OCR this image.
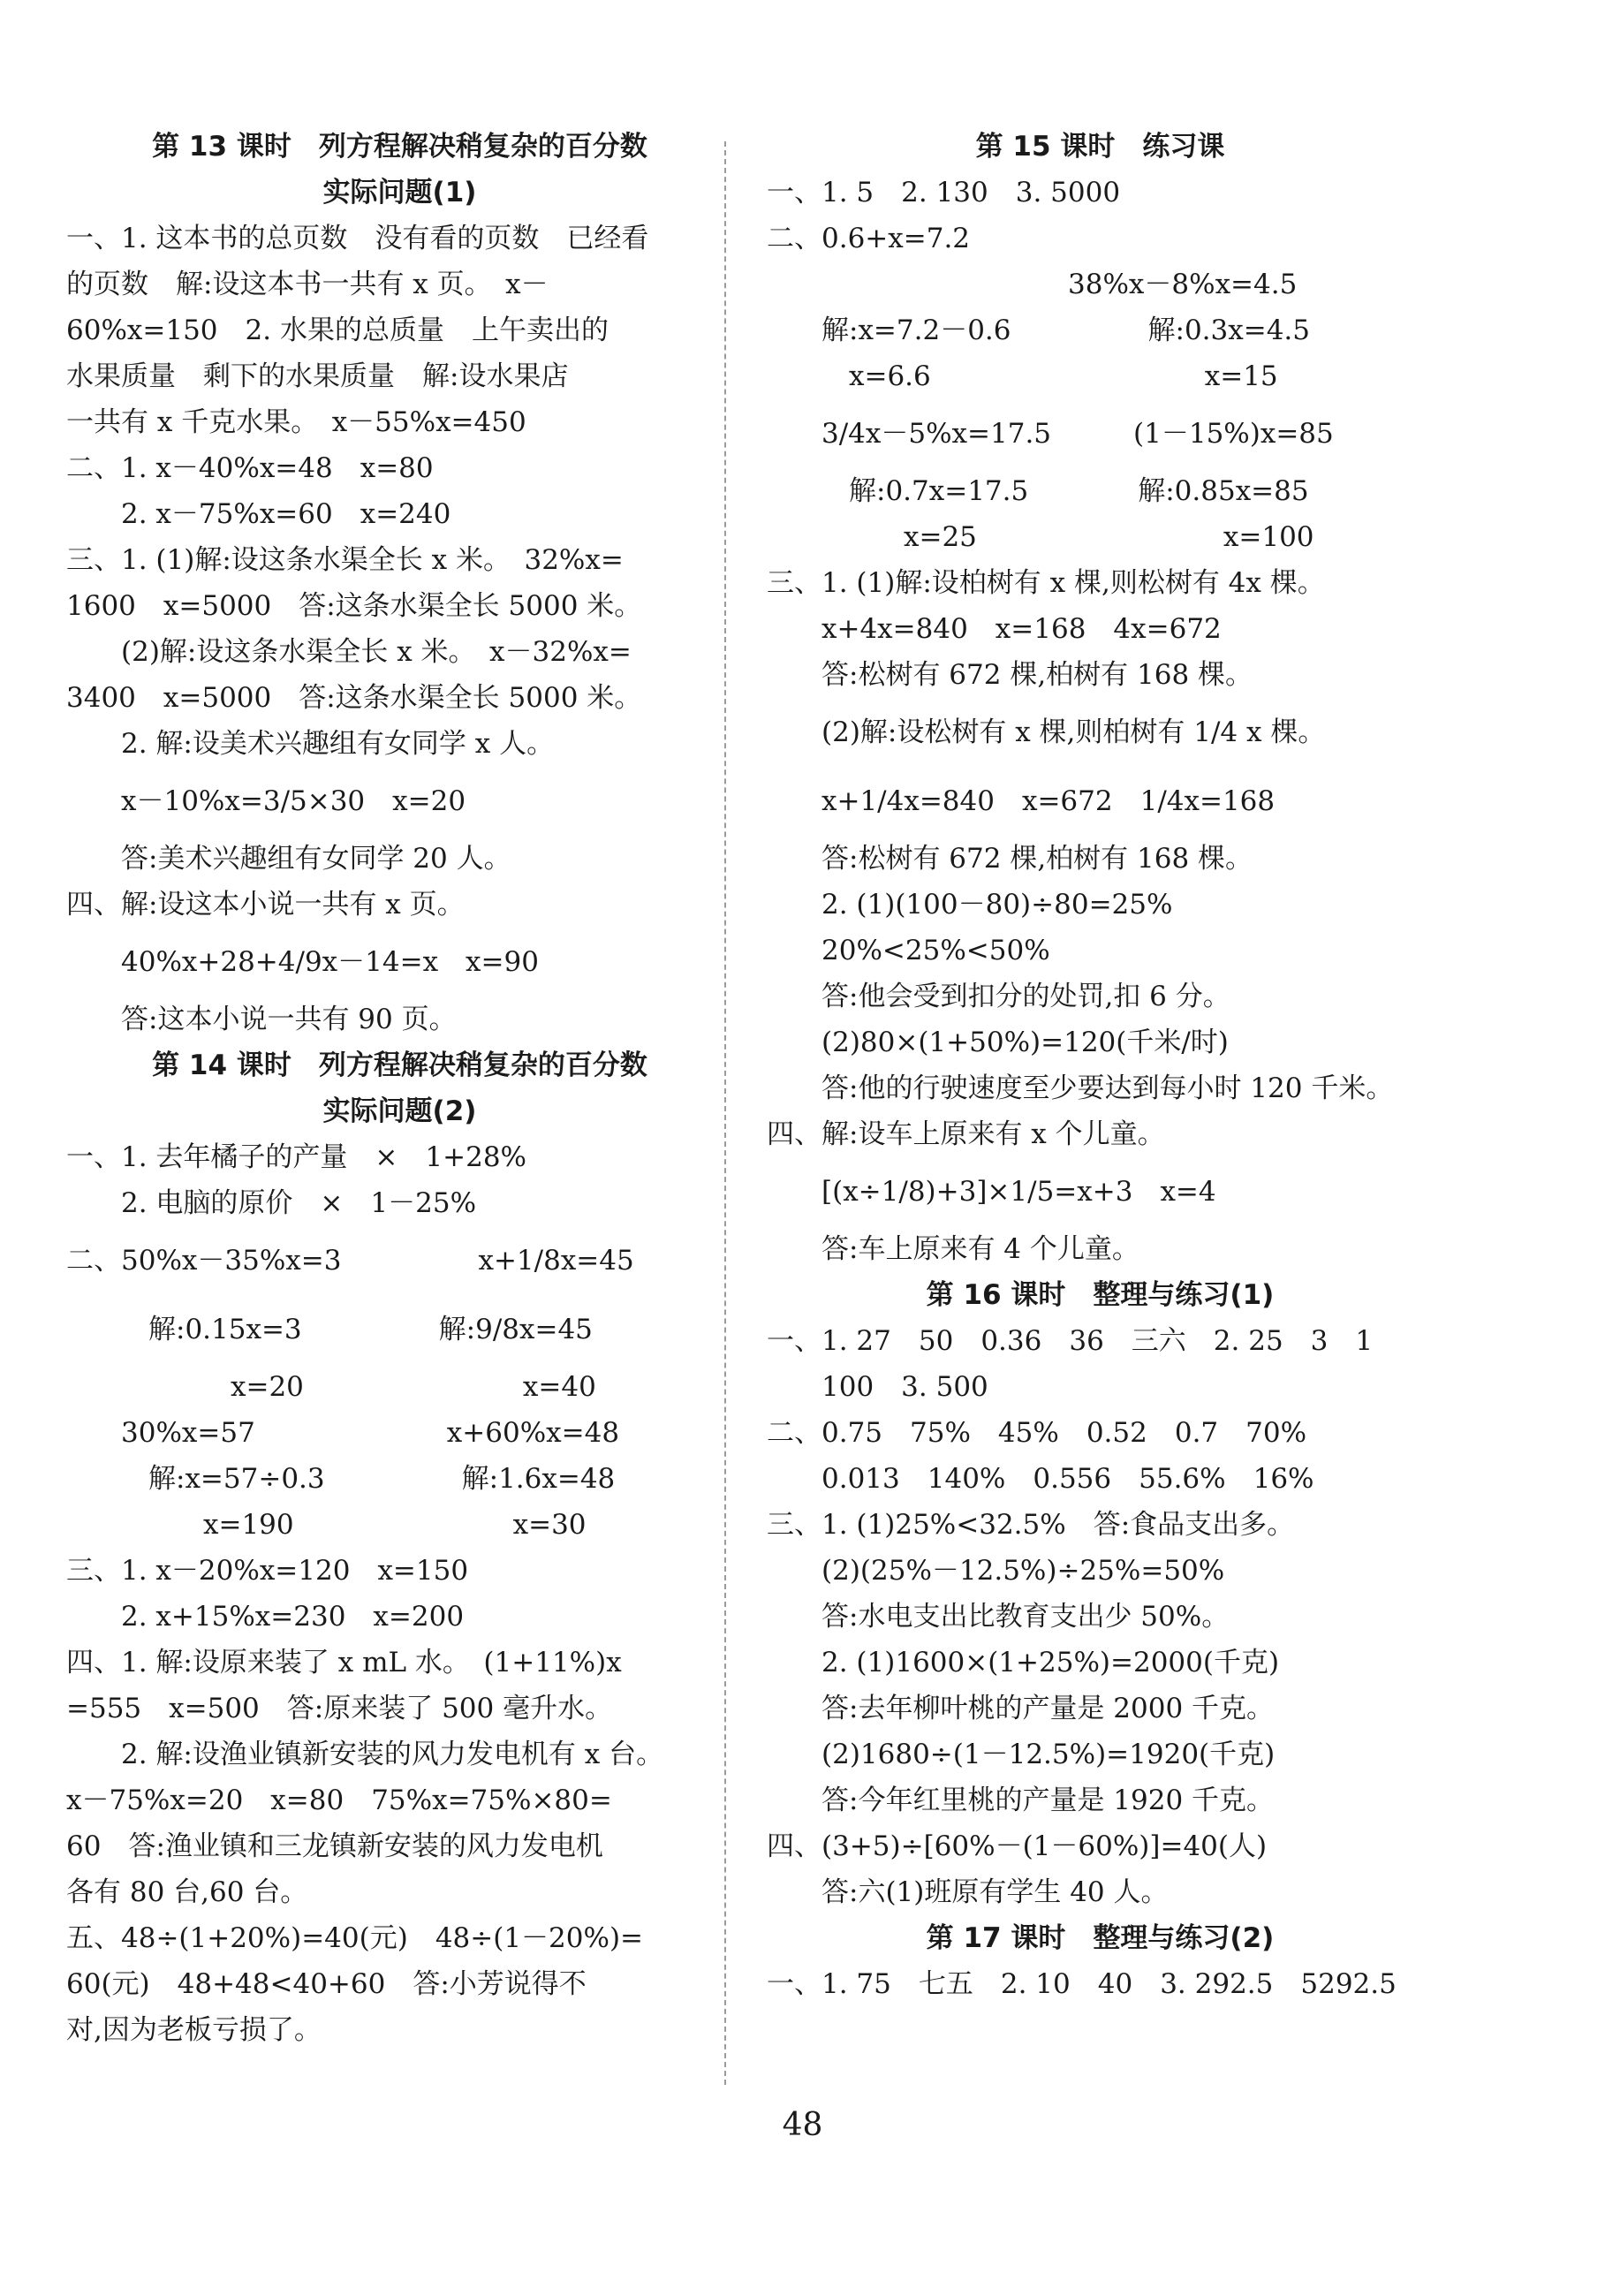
第 13 课时　列方程解决稍复杂的百分数
实际问题(1)
一、1. 这本书的总页数　没有看的页数　已经看
的页数　解:设这本书一共有 x 页。　x－
60%x=150　2. 水果的总质量　上午卖出的
水果质量　剩下的水果质量　解:设水果店
一共有 x 千克水果。　x－55%x=450
二、1. x－40%x=48　x=80
　　2. x－75%x=60　x=240
三、1. (1)解:设这条水渠全长 x 米。　32%x=
1600　x=5000　答:这条水渠全长 5000 米。
　　(2)解:设这条水渠全长 x 米。　x－32%x=
3400　x=5000　答:这条水渠全长 5000 米。
　　2. 解:设美术兴趣组有女同学 x 人。
　　x－10%x=3/5×30　x=20
　　答:美术兴趣组有女同学 20 人。
四、解:设这本小说一共有 x 页。
　　40%x+28+4/9x－14=x　x=90
　　答:这本小说一共有 90 页。
第 14 课时　列方程解决稍复杂的百分数
实际问题(2)
一、1. 去年橘子的产量　×　1+28%
　　2. 电脑的原价　×　1－25%
二、50%x－35%x=3　　　　　x+1/8x=45
　　　解:0.15x=3　　　　　解:9/8x=45
　　　　　　x=20　　　　　　　　x=40
　　30%x=57　　　　　　　x+60%x=48
　　　解:x=57÷0.3　　　　　解:1.6x=48
　　　　　x=190　　　　　　　　x=30
三、1. x－20%x=120　x=150
　　2. x+15%x=230　x=200
四、1. 解:设原来装了 x mL 水。　(1+11%)x
=555　x=500　答:原来装了 500 毫升水。
　　2. 解:设渔业镇新安装的风力发电机有 x 台。
x－75%x=20　x=80　75%x=75%×80=
60　答:渔业镇和三龙镇新安装的风力发电机
各有 80 台,60 台。
五、48÷(1+20%)=40(元)　48÷(1－20%)=
60(元)　48+48<40+60　答:小芳说得不
对,因为老板亏损了。
第 15 课时　练习课
一、1. 5　2. 130　3. 5000
二、0.6+x=7.2
　　　　　　　　　　　38%x－8%x=4.5
　　解:x=7.2－0.6　　　　　解:0.3x=4.5
　　　x=6.6　　　　　　　　　　x=15
　　3/4x－5%x=17.5　　　(1－15%)x=85
　　　解:0.7x=17.5　　　　解:0.85x=85
　　　　　x=25　　　　　　　　　x=100
三、1. (1)解:设柏树有 x 棵,则松树有 4x 棵。
　　x+4x=840　x=168　4x=672
　　答:松树有 672 棵,柏树有 168 棵。
　　(2)解:设松树有 x 棵,则柏树有 1/4 x 棵。
　　x+1/4x=840　x=672　1/4x=168
　　答:松树有 672 棵,柏树有 168 棵。
　　2. (1)(100－80)÷80=25%
　　20%<25%<50%
　　答:他会受到扣分的处罚,扣 6 分。
　　(2)80×(1+50%)=120(千米/时)
　　答:他的行驶速度至少要达到每小时 120 千米。
四、解:设车上原来有 x 个儿童。
　　[(x÷1/8)+3]×1/5=x+3　x=4
　　答:车上原来有 4 个儿童。
第 16 课时　整理与练习(1)
一、1. 27　50　0.36　36　三六　2. 25　3　1
　　100　3. 500
二、0.75　75%　45%　0.52　0.7　70%
　　0.013　140%　0.556　55.6%　16%
三、1. (1)25%<32.5%　答:食品支出多。
　　(2)(25%－12.5%)÷25%=50%
　　答:水电支出比教育支出少 50%。
　　2. (1)1600×(1+25%)=2000(千克)
　　答:去年柳叶桃的产量是 2000 千克。
　　(2)1680÷(1－12.5%)=1920(千克)
　　答:今年红里桃的产量是 1920 千克。
四、(3+5)÷[60%－(1－60%)]=40(人)
　　答:六(1)班原有学生 40 人。
第 17 课时　整理与练习(2)
一、1. 75　七五　2. 10　40　3. 292.5　5292.5
48
